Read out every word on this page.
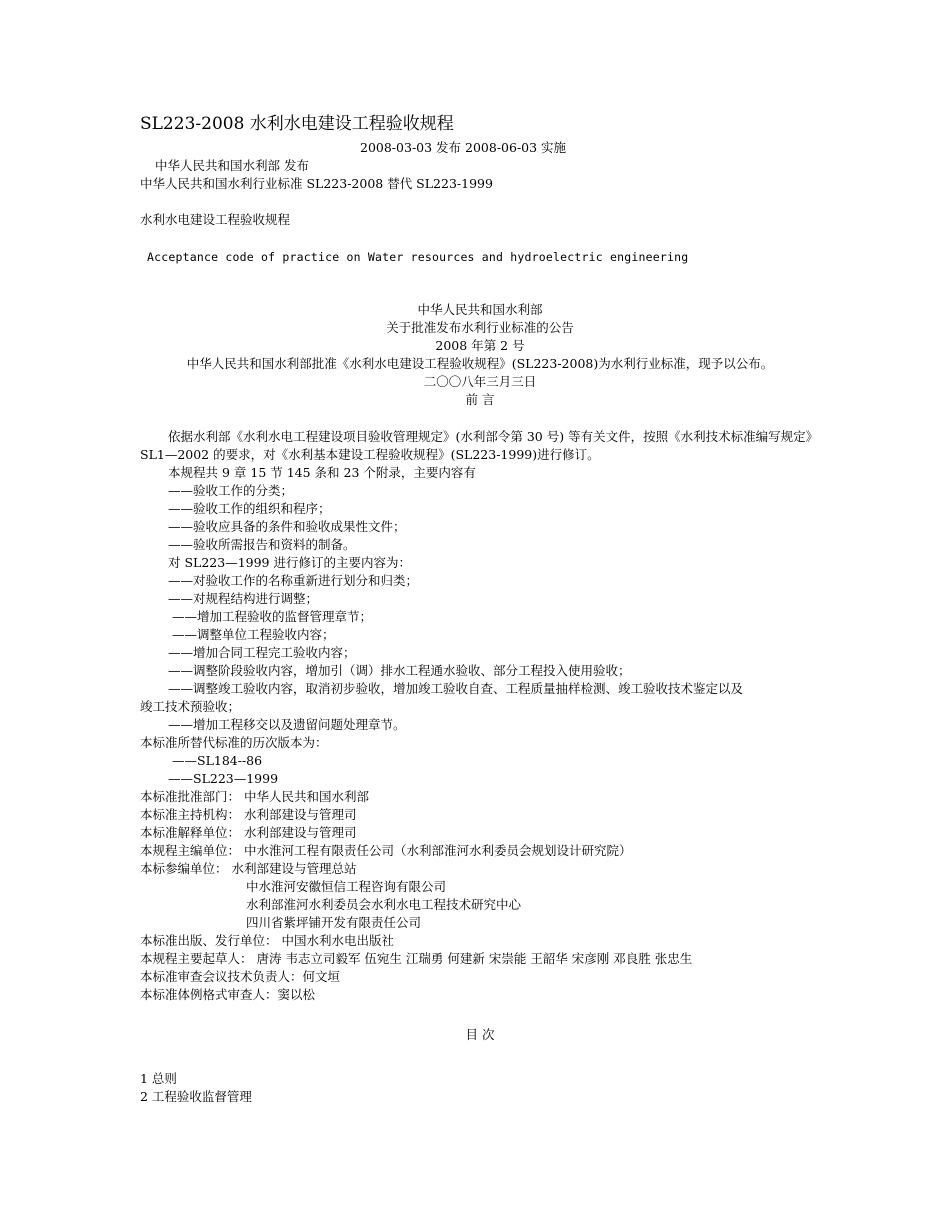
SL223-2008 水利水电建设工程验收规程
2008-03-03 发布 2008-06-03 实施
中华人民共和国水利部 发布
中华人民共和国水利行业标准 SL223-2008 替代 SL223-1999
水利水电建设工程验收规程
Acceptance code of practice on Water resources and hydroelectric engineering
中华人民共和国水利部
关于批准发布水利行业标准的公告
2008 年第 2 号
中华人民共和国水利部批准《水利水电建设工程验收规程》(SL223-2008)为水利行业标准，现予以公布。
二〇〇八年三月三日
前 言
依据水利部《水利水电工程建设项目验收管理规定》(水利部令第 30 号) 等有关文件，按照《水利技术标准编写规定》SL1—2002 的要求，对《水利基本建设工程验收规程》(SL223-1999)进行修订。
本规程共 9 章 15 节 145 条和 23 个附录，主要内容有
——验收工作的分类；
——验收工作的组织和程序；
——验收应具备的条件和验收成果性文件；
——验收所需报告和资料的制备。
对 SL223—1999 进行修订的主要内容为：
——对验收工作的名称重新进行划分和归类；
——对规程结构进行调整；
——增加工程验收的监督管理章节；
——调整单位工程验收内容；
——增加合同工程完工验收内容；
——调整阶段验收内容，增加引（调）排水工程通水验收、部分工程投入使用验收；
——调整竣工验收内容，取消初步验收，增加竣工验收自查、工程质量抽样检测、竣工验收技术鉴定以及
竣工技术预验收；
——增加工程移交以及遗留问题处理章节。
本标准所替代标准的历次版本为：
——SL184--86
——SL223—1999
本标准批准部门： 中华人民共和国水利部
本标准主持机构： 水利部建设与管理司
本标准解释单位： 水利部建设与管理司
本规程主编单位： 中水淮河工程有限责任公司（水利部淮河水利委员会规划设计研究院）
本标参编单位： 水利部建设与管理总站
中水淮河安徽恒信工程咨询有限公司
水利部淮河水利委员会水利水电工程技术研究中心
四川省紫坪铺开发有限责任公司
本标准出版、发行单位： 中国水利水电出版社
本规程主要起草人： 唐涛 韦志立司毅军 伍宛生 江瑞勇 何建新 宋崇能 王韶华 宋彦刚 邓良胜 张忠生
本标准审查会议技术负责人：何文垣
本标准体例格式审查人：窦以松
目 次
1 总则
2 工程验收监督管理
